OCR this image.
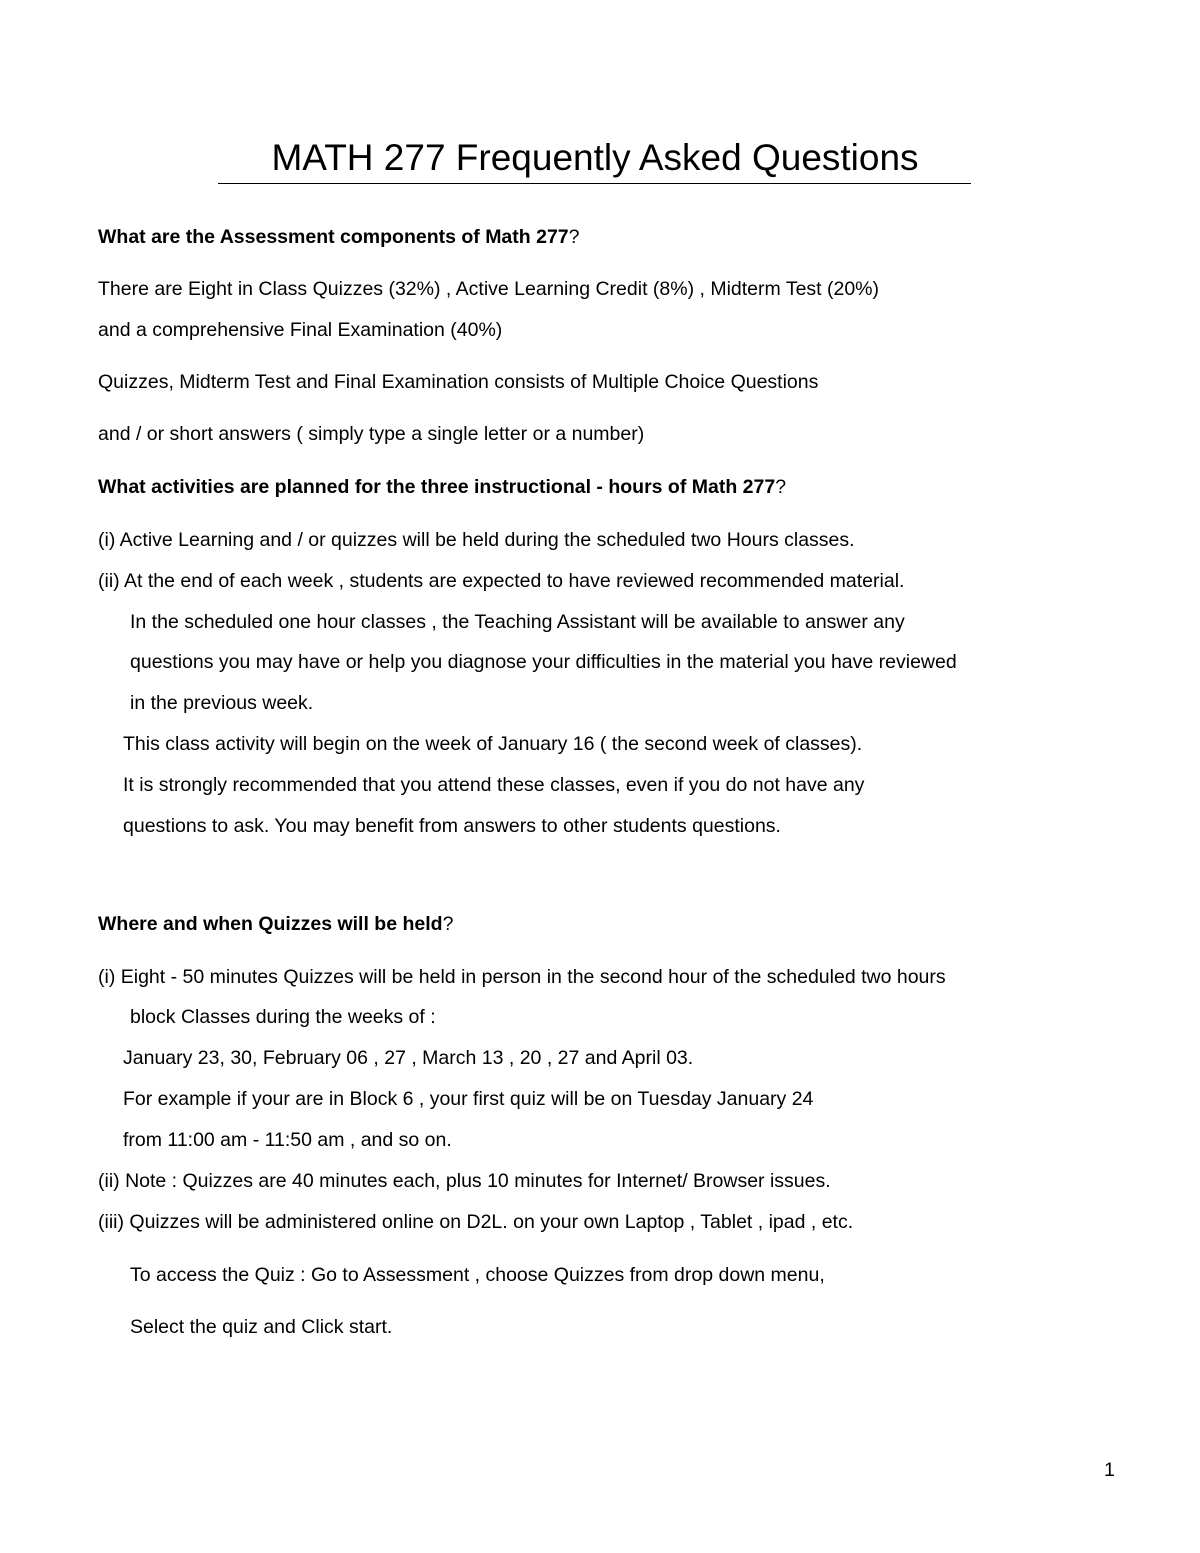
MATH 277 Frequently Asked Questions
What are the Assessment components of Math 277?
There are Eight in Class Quizzes (32%) , Active Learning Credit (8%) , Midterm Test (20%)
and a comprehensive Final Examination (40%)
Quizzes, Midterm Test and Final Examination consists of Multiple Choice Questions
and / or short answers ( simply type a single letter or a number)
What activities are planned for the three instructional - hours of Math 277?
(i) Active Learning and / or quizzes will be held during the scheduled two Hours classes.
(ii) At the end of each week , students are expected to have reviewed recommended material.
In the scheduled one hour classes , the Teaching Assistant will be available to answer any
questions you may have or help you diagnose your difficulties in the material you have reviewed
in the previous week.
This class activity will begin on the week of January 16 ( the second week of classes).
It is strongly recommended that you attend these classes, even if you do not have any
questions to ask. You may benefit from answers to other students questions.
Where and when Quizzes will be held?
(i) Eight - 50 minutes Quizzes will be held in person in the second hour of the scheduled two hours
block Classes during the weeks of :
January 23, 30, February 06 , 27 , March 13 , 20 , 27 and April 03.
For example if your are in Block 6 , your first quiz will be on Tuesday January 24
from 11:00 am - 11:50 am , and so on.
(ii) Note : Quizzes are 40 minutes each, plus 10 minutes for Internet/ Browser issues.
(iii) Quizzes will be administered online on D2L. on your own Laptop , Tablet , ipad , etc.
To access the Quiz : Go to Assessment , choose Quizzes from drop down menu,
Select the quiz and Click start.
1
